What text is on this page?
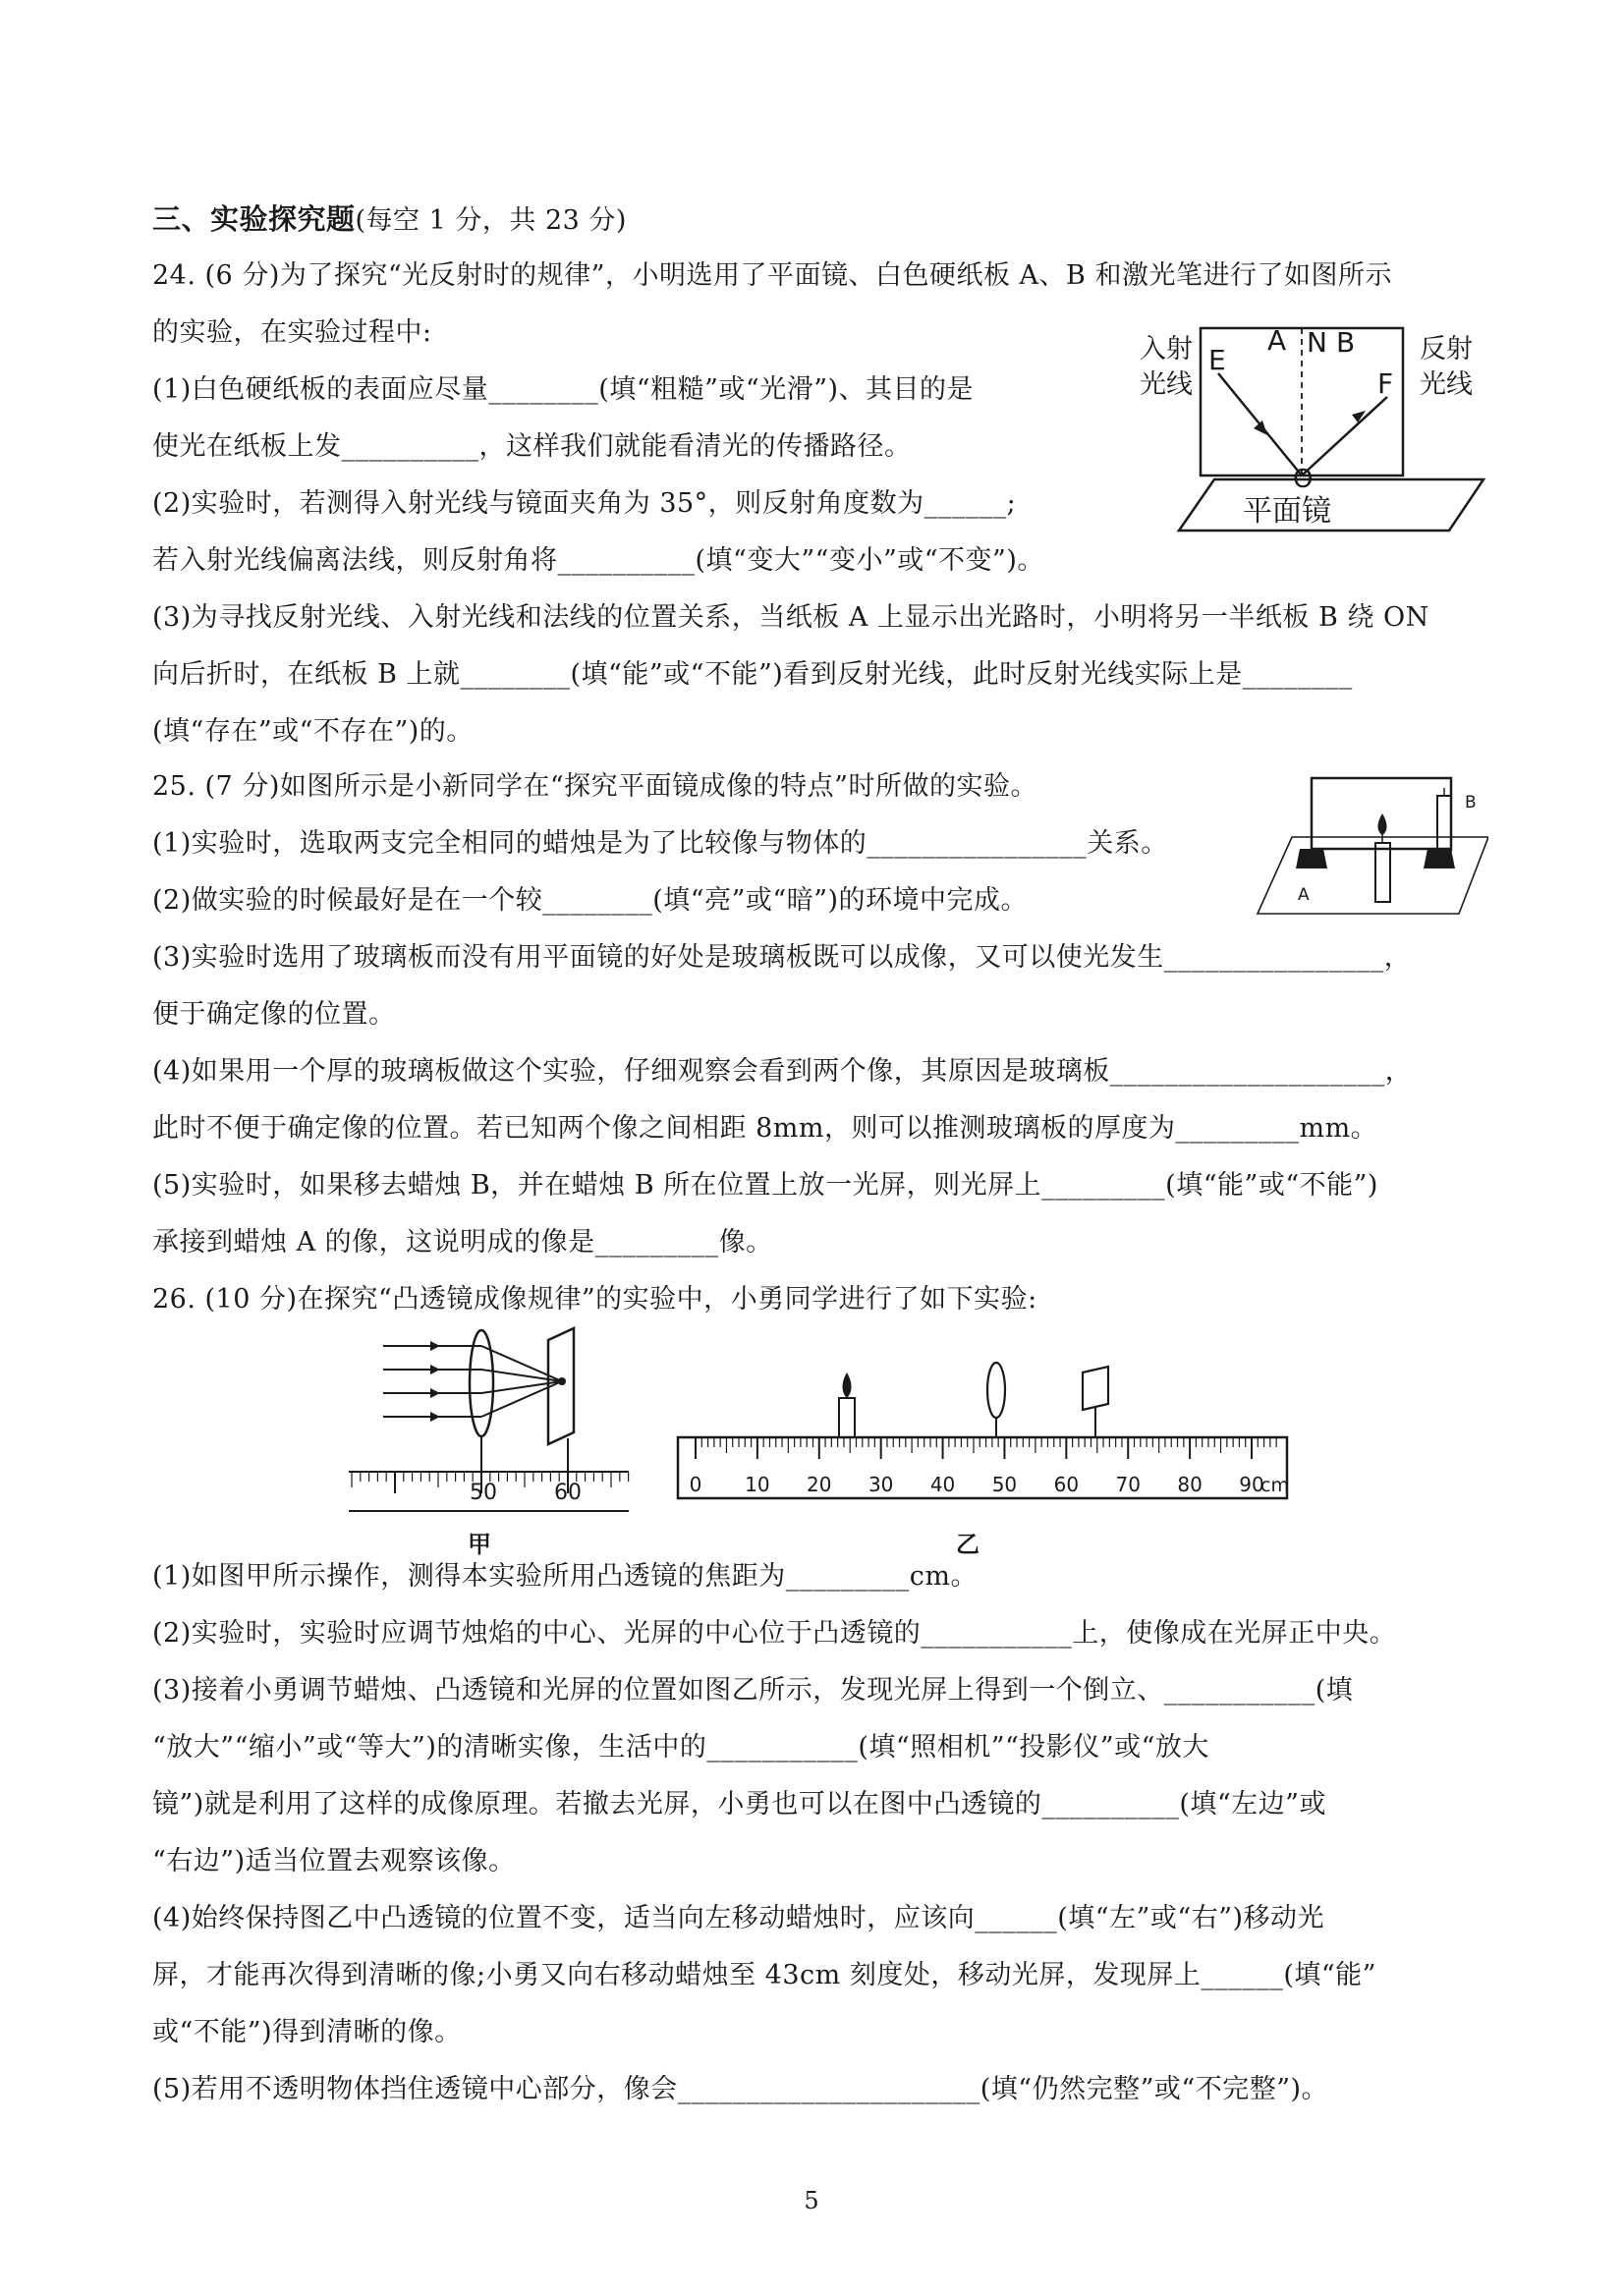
三、实验探究题(每空 1 分，共 23 分)
24. (6 分)为了探究“光反射时的规律”，小明选用了平面镜、白色硬纸板 A、B 和激光笔进行了如图所示
的实验，在实验过程中:
(1)白色硬纸板的表面应尽量________(填“粗糙”或“光滑”)、其目的是
使光在纸板上发__________，这样我们就能看清光的传播路径。
(2)实验时，若测得入射光线与镜面夹角为 35°，则反射角度数为______;
若入射光线偏离法线，则反射角将__________(填“变大”“变小”或“不变”)。
(3)为寻找反射光线、入射光线和法线的位置关系，当纸板 A 上显示出光路时，小明将另一半纸板 B 绕 ON
向后折时，在纸板 B 上就________(填“能”或“不能”)看到反射光线，此时反射光线实际上是________
(填“存在”或“不存在”)的。
入射
光线
反射
光线
平面镜
E
A N B
F
O
25. (7 分)如图所示是小新同学在“探究平面镜成像的特点”时所做的实验。
(1)实验时，选取两支完全相同的蜡烛是为了比较像与物体的________________关系。
(2)做实验的时候最好是在一个较________(填“亮”或“暗”)的环境中完成。
(3)实验时选用了玻璃板而没有用平面镜的好处是玻璃板既可以成像，又可以使光发生________________，
便于确定像的位置。
(4)如果用一个厚的玻璃板做这个实验，仔细观察会看到两个像，其原因是玻璃板____________________，
此时不便于确定像的位置。若已知两个像之间相距 8mm，则可以推测玻璃板的厚度为_________mm。
(5)实验时，如果移去蜡烛 B，并在蜡烛 B 所在位置上放一光屏，则光屏上_________(填“能”或“不能”)
承接到蜡烛 A 的像，这说明成的像是_________像。
A
B
26. (10 分)在探究“凸透镜成像规律”的实验中，小勇同学进行了如下实验:
50	60
甲
0 10 20 30 40 50 60 70 80 90
cm
乙
(1)如图甲所示操作，测得本实验所用凸透镜的焦距为_________cm。
(2)实验时，实验时应调节烛焰的中心、光屏的中心位于凸透镜的___________上，使像成在光屏正中央。
(3)接着小勇调节蜡烛、凸透镜和光屏的位置如图乙所示，发现光屏上得到一个倒立、___________(填
“放大”“缩小”或“等大”)的清晰实像，生活中的___________(填“照相机”“投影仪”或“放大
镜”)就是利用了这样的成像原理。若撤去光屏，小勇也可以在图中凸透镜的__________(填“左边”或
“右边”)适当位置去观察该像。
(4)始终保持图乙中凸透镜的位置不变，适当向左移动蜡烛时，应该向______(填“左”或“右”)移动光
屏，才能再次得到清晰的像;小勇又向右移动蜡烛至 43cm 刻度处，移动光屏，发现屏上______(填“能”
或“不能”)得到清晰的像。
(5)若用不透明物体挡住透镜中心部分，像会______________________(填“仍然完整”或“不完整”)。
5
